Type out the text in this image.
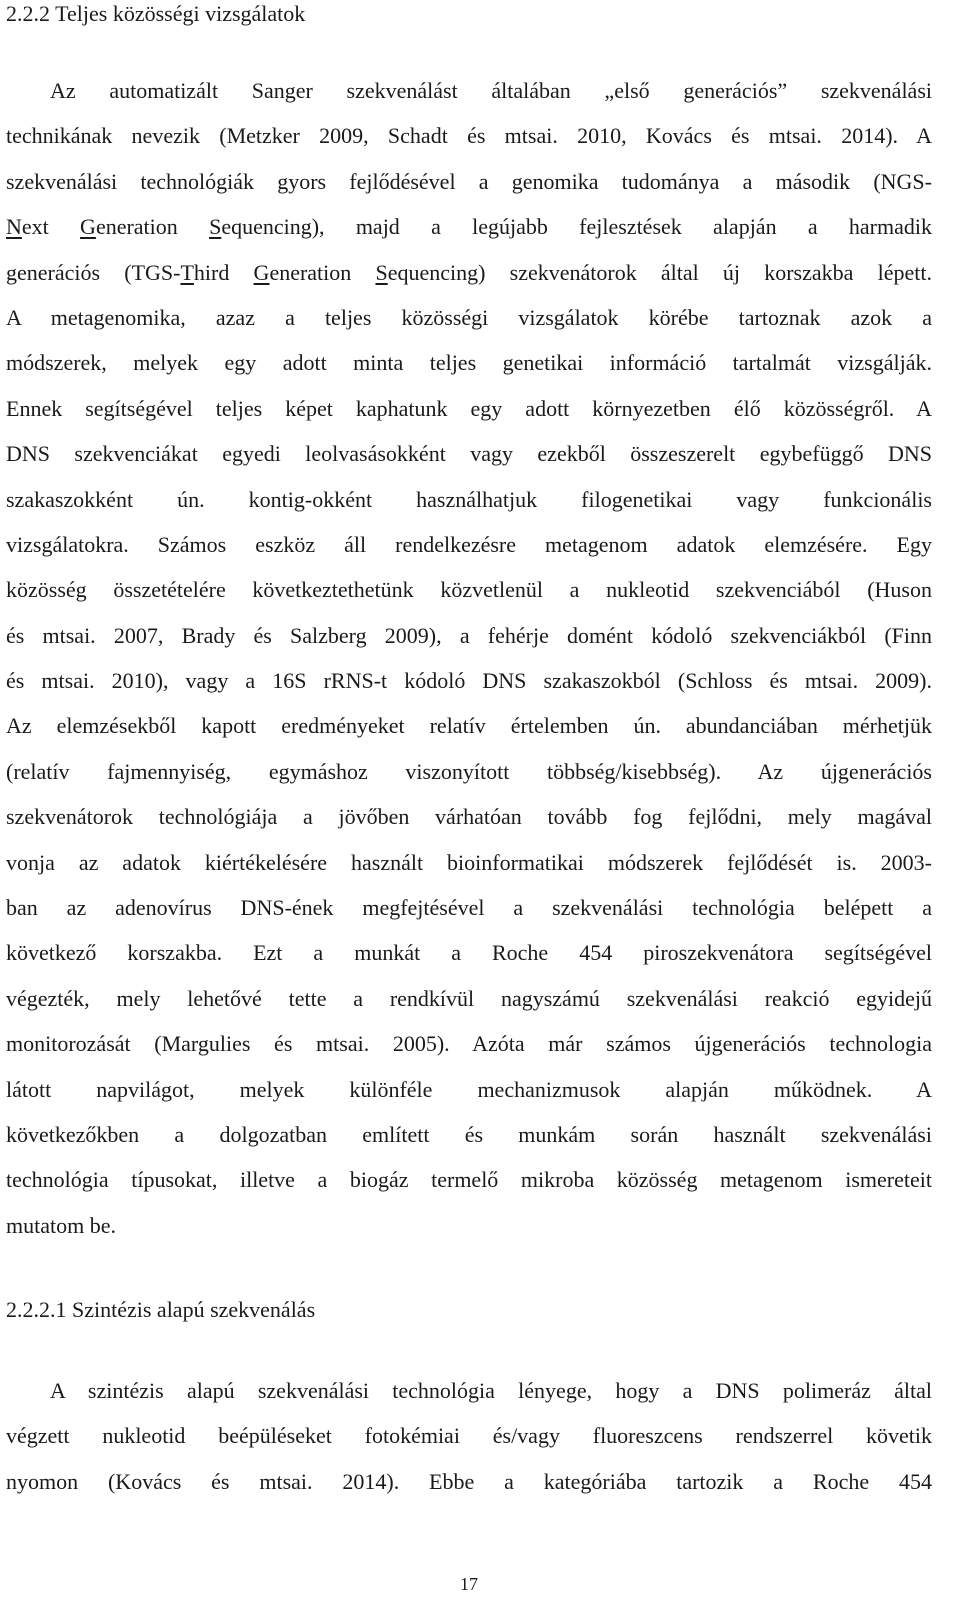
2.2.2 Teljes közösségi vizsgálatok
Az automatizált Sanger szekvenálást általában „első generációs” szekvenálási
technikának nevezik (Metzker 2009, Schadt és mtsai. 2010, Kovács és mtsai. 2014). A
szekvenálási technológiák gyors fejlődésével a genomika tudománya a második (NGS-
Next Generation Sequencing), majd a legújabb fejlesztések alapján a harmadik
generációs (TGS-Third Generation Sequencing) szekvenátorok által új korszakba lépett.
A metagenomika, azaz a teljes közösségi vizsgálatok körébe tartoznak azok a
módszerek, melyek egy adott minta teljes genetikai információ tartalmát vizsgálják.
Ennek segítségével teljes képet kaphatunk egy adott környezetben élő közösségről. A
DNS szekvenciákat egyedi leolvasásokként vagy ezekből összeszerelt egybefüggő DNS
szakaszokként ún. kontig-okként használhatjuk filogenetikai vagy funkcionális
vizsgálatokra. Számos eszköz áll rendelkezésre metagenom adatok elemzésére. Egy
közösség összetételére következtethetünk közvetlenül a nukleotid szekvenciából (Huson
és mtsai. 2007, Brady és Salzberg 2009), a fehérje domént kódoló szekvenciákból (Finn
és mtsai. 2010), vagy a 16S rRNS-t kódoló DNS szakaszokból (Schloss és mtsai. 2009).
Az elemzésekből kapott eredményeket relatív értelemben ún. abundanciában mérhetjük
(relatív fajmennyiség, egymáshoz viszonyított többség/kisebbség). Az újgenerációs
szekvenátorok technológiája a jövőben várhatóan tovább fog fejlődni, mely magával
vonja az adatok kiértékelésére használt bioinformatikai módszerek fejlődését is. 2003-
ban az adenovírus DNS-ének megfejtésével a szekvenálási technológia belépett a
következő korszakba. Ezt a munkát a Roche 454 piroszekvenátora segítségével
végezték, mely lehetővé tette a rendkívül nagyszámú szekvenálási reakció egyidejű
monitorozását (Margulies és mtsai. 2005). Azóta már számos újgenerációs technologia
látott napvilágot, melyek különféle mechanizmusok alapján működnek. A
következőkben a dolgozatban említett és munkám során használt szekvenálási
technológia típusokat, illetve a biogáz termelő mikroba közösség metagenom ismereteit
mutatom be.
2.2.2.1 Szintézis alapú szekvenálás
A szintézis alapú szekvenálási technológia lényege, hogy a DNS polimeráz által
végzett nukleotid beépüléseket fotokémiai és/vagy fluoreszcens rendszerrel követik
nyomon (Kovács és mtsai. 2014). Ebbe a kategóriába tartozik a Roche 454
17
